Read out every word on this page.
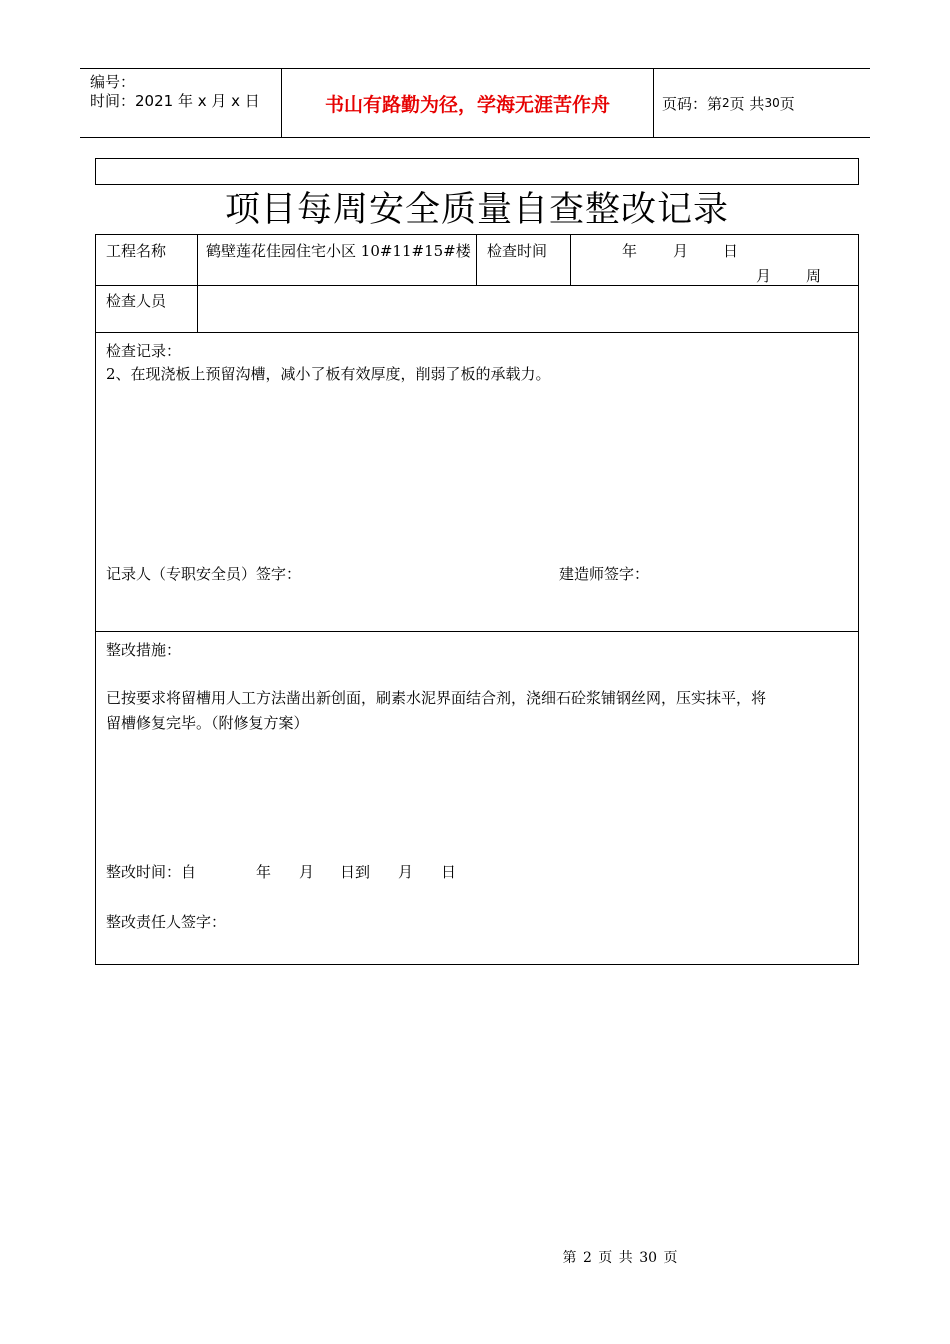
编号：
时间：2021 年 x 月 x 日	书山有路勤为径，学海无涯苦作舟	页码：第 2 页 共 30 页
项目每周安全质量自查整改记录
工程名称	鹤壁莲花佳园住宅小区 10#11#15#楼 检查时间	年 月 日
月 周
检查人员
检查记录：
2、在现浇板上预留沟槽，减小了板有效厚度，削弱了板的承载力。
记录人（专职安全员）签字：	建造师签字：
整改措施：
已按要求将留槽用人工方法凿出新创面，刷素水泥界面结合剂，浇细石砼浆铺钢丝网，压实抹平，将
留槽修复完毕。（附修复方案）
整改时间：自	年 月 日到 月 日
整改责任人签字：
第 2 页 共 30 页
